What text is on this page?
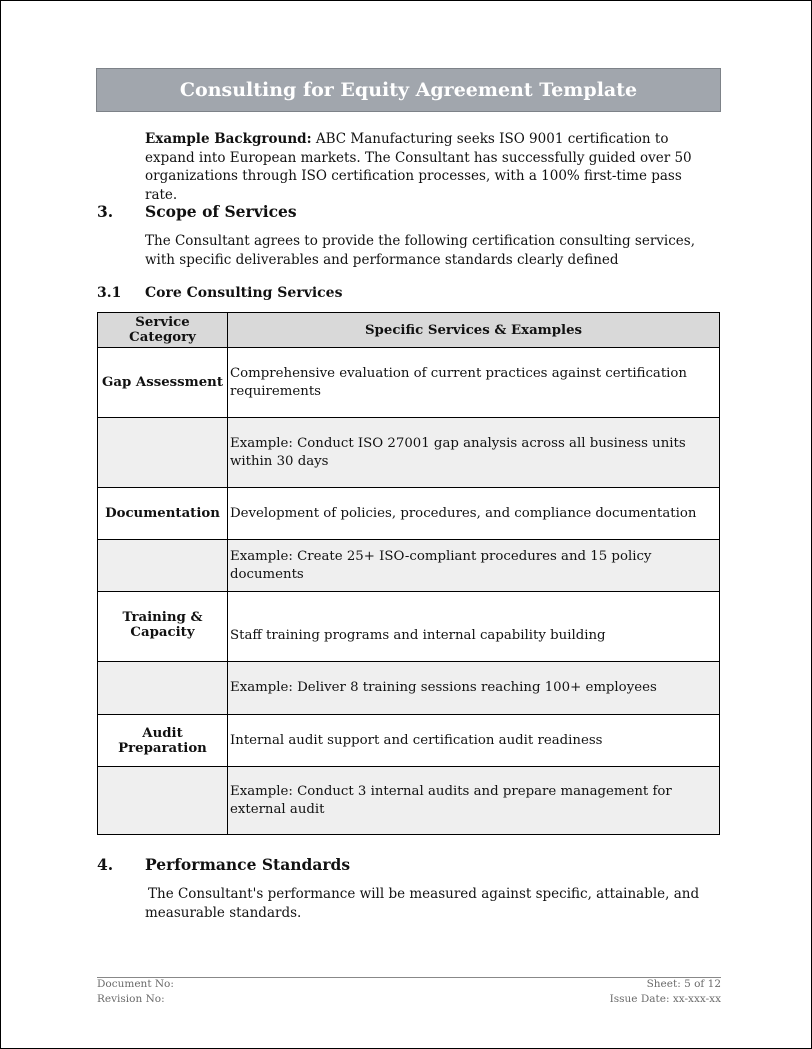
Consulting for Equity Agreement Template
Example Background: ABC Manufacturing seeks ISO 9001 certification to expand into European markets. The Consultant has successfully guided over 50 organizations through ISO certification processes, with a 100% first-time pass rate.
3. Scope of Services
The Consultant agrees to provide the following certification consulting services, with specific deliverables and performance standards clearly defined
3.1 Core Consulting Services
Service Category	Specific Services & Examples
Gap Assessment	Comprehensive evaluation of current practices against certification requirements
	Example: Conduct ISO 27001 gap analysis across all business units within 30 days
Documentation	Development of policies, procedures, and compliance documentation
	Example: Create 25+ ISO-compliant procedures and 15 policy documents
Training & Capacity	Staff training programs and internal capability building
	Example: Deliver 8 training sessions reaching 100+ employees
Audit Preparation	Internal audit support and certification audit readiness
	Example: Conduct 3 internal audits and prepare management for external audit
4. Performance Standards
The Consultant's performance will be measured against specific, attainable, and measurable standards.
Document No:
Revision No:
Sheet: 5 of 12
Issue Date: xx-xxx-xx
